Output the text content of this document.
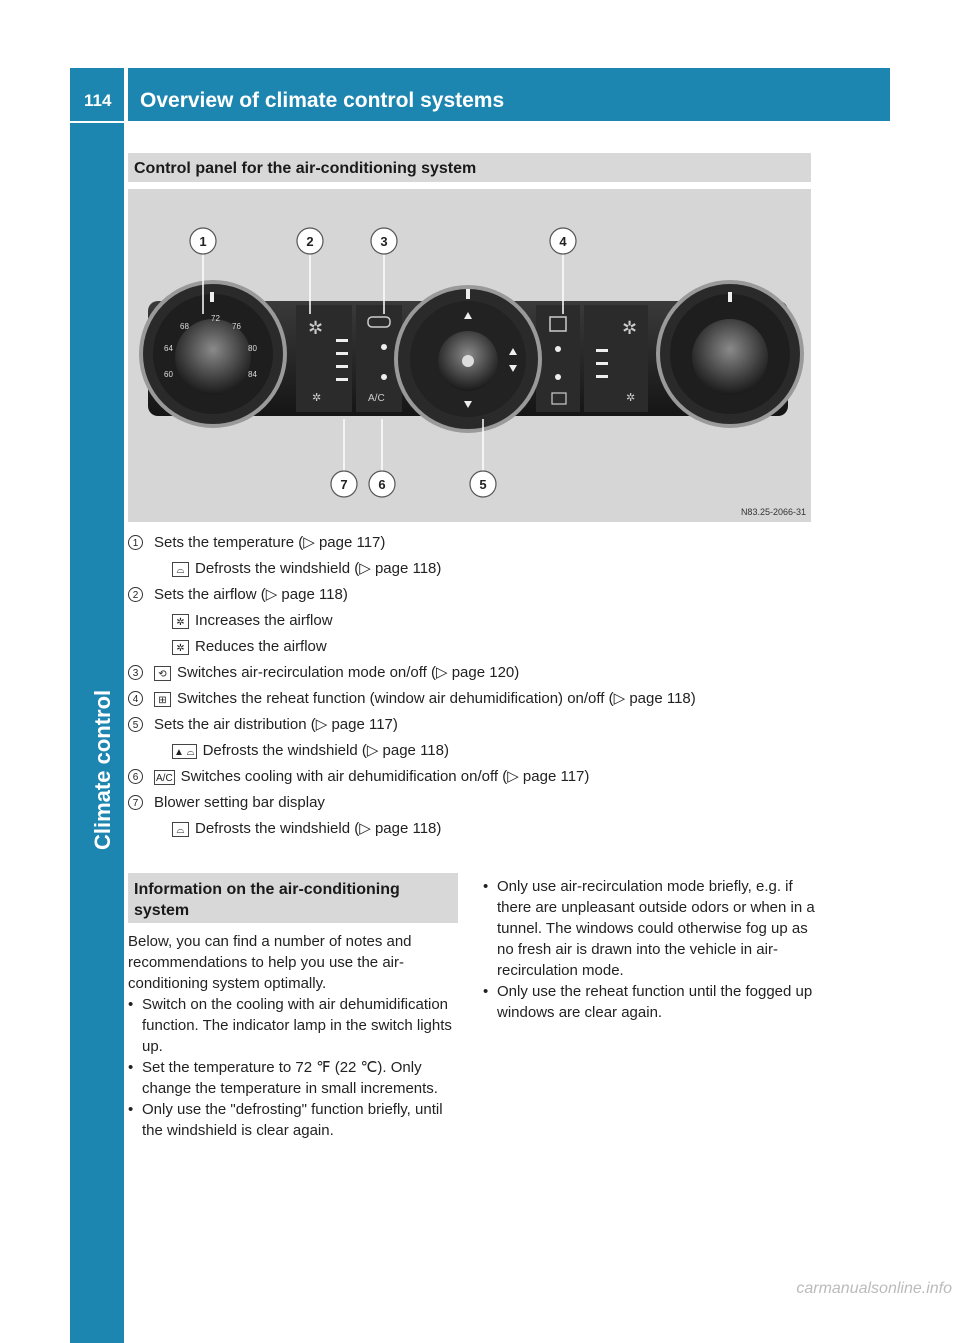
114	Overview of climate control systems
Climate control
Control panel for the air-conditioning system
72
76
68
64
60
80
84
✲
✲	A/C
✲
✲
1	2	3	4
5
6
7
N83.25-2066-31
1	Sets the temperature (▷ page 117)
⌓ Defrosts the windshield (▷ page 118)
2	Sets the airflow (▷ page 118)
✲ Increases the airflow
✲ Reduces the airflow
3	⟲ Switches air-recirculation mode on/off (▷ page 120)
4	⊞ Switches the reheat function (window air dehumidification) on/off (▷ page 118)
5	Sets the air distribution (▷ page 117)
▲ ⌓ Defrosts the windshield (▷ page 118)
6	A/C Switches cooling with air dehumidification on/off (▷ page 117)
7	Blower setting bar display
⌓ Defrosts the windshield (▷ page 118)
Information on the air-conditioning system
Below, you can find a number of notes and recommendations to help you use the air-conditioning system optimally.
• Switch on the cooling with air dehumidification function. The indicator lamp in the switch lights up.
• Set the temperature to 72 ℉ (22 ℃). Only change the temperature in small increments.
• Only use the "defrosting" function briefly, until the windshield is clear again.
• Only use air-recirculation mode briefly, e.g. if there are unpleasant outside odors or when in a tunnel. The windows could otherwise fog up as no fresh air is drawn into the vehicle in air-recirculation mode.
• Only use the reheat function until the fogged up windows are clear again.
carmanualsonline.info
